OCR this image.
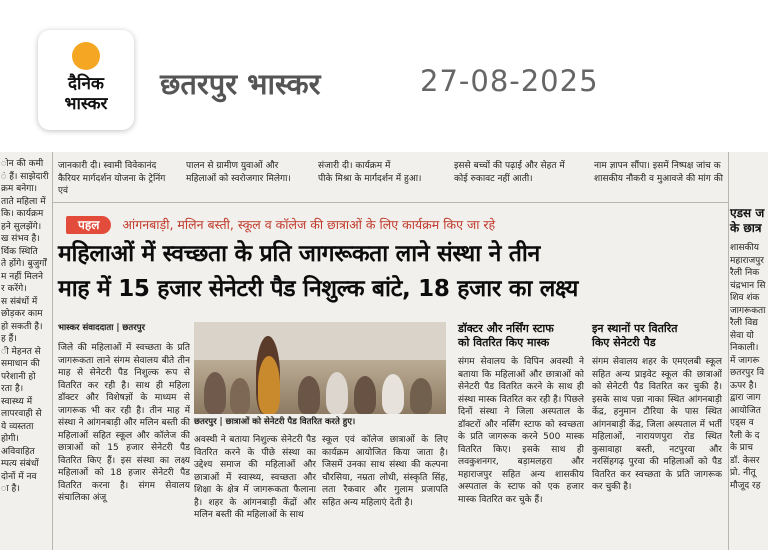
दैनिक
भास्कर
छतरपुर भास्कर	27-08-2025
जानकारी दी। स्वामी विवेकानंद
कैरियर मार्गदर्शन योजना के ट्रेनिंग एवं
पालन से ग्रामीण युवाओं और
महिलाओं को स्वरोजगार मिलेगा।
संजारी दी। कार्यक्रम में
पीके मिश्रा के मार्गदर्शन में हुआ।
इससे बच्चों की पढ़ाई और सेहत में
कोई रुकावट नहीं आती।
नाम ज्ञापन सौंपा। इसमें निष्पक्ष जांच क
शासकीय नौकरी व मुआवजे की मांग की
ोन की कमी
ं हैं। साझेदारी
क्रम बनेगा।
ताते महिला में
कि। कार्यक्रम
हने सुलझेंगे।
ख संभव है।
र्थिक स्थिति
ते होंगे। बुजुर्गों
म नहीं मिलने
र करेंगे।
स संबंधों में
छोड़कर काम
हो सकती है।
ह हैं।
ी मेहनत से
समाधान की
परेशानी हो
रता है।
स्वास्थ्य में
लापरवाही से
ये व्यस्तता
होगी।
अविवाहित
म्पत्य संबंधों
दोनों में नव
ा है।
पहल आंगनबाड़ी, मलिन बस्ती, स्कूल व कॉलेज की छात्राओं के लिए कार्यक्रम किए जा रहे
महिलाओं में स्वच्छता के प्रति जागरूकता लाने संस्था ने तीन
माह में 15 हजार सेनेटरी पैड निशुल्क बांटे, 18 हजार का लक्ष्य
भास्कर संवाददाता | छतरपुर
जिले की महिलाओं में स्वच्छता के प्रति जागरूकता लाने संगम सेवालय बीते तीन माह से सेनेटरी पैड निशुल्क रूप से वितरित कर रही है। साथ ही महिला डॉक्टर और विशेषज्ञों के माध्यम से जागरूक भी कर रही है। तीन माह में संस्था ने आंगनबाड़ी और मलिन बस्ती की महिलाओं सहित स्कूल और कॉलेज की छात्राओं को 15 हजार सेनेटरी पैड वितरित किए हैं। इस संस्था का लक्ष्य महिलाओं को 18 हजार सेनेटरी पैड वितरित करना है। संगम सेवालय संचालिका अंजू
छतरपुर | छात्राओं को सेनेटरी पैड वितरित करते हुए।
अवस्थी ने बताया निशुल्क सेनेटरी पैड वितरित करने के पीछे संस्था का उद्देश्य समाज की महिलाओं और छात्राओं में स्वास्थ्य, स्वच्छता और शिक्षा के क्षेत्र में जागरूकता फैलाना है। शहर के आंगनबाड़ी केंद्रों और मलिन बस्ती की महिलाओं के साथ
स्कूल एवं कॉलेज छात्राओं के लिए कार्यक्रम आयोजित किया जाता है। जिसमें उनका साथ संस्था की कल्पना चौरसिया, नम्रता लोधी, संस्कृति सिंह, लता रैकवार और गुलाम प्रजापति सहित अन्य महिलाएं देती है।
डॉक्टर और नर्सिंग स्टाफ
को वितरित किए मास्क
संगम सेवालय के विपिन अवस्थी ने बताया कि महिलाओं और छात्राओं को सेनेटरी पैड वितरित करने के साथ ही संस्था मास्क वितरित कर रही है। पिछले दिनों संस्था ने जिला अस्पताल के डॉक्टरों और नर्सिंग स्टाफ को स्वच्छता के प्रति जागरूक करने 500 मास्क वितरित किए। इसके साथ ही लवकुशनगर, बड़ामलहरा और महाराजपुर सहित अन्य शासकीय अस्पताल के स्टाफ को एक हजार मास्क वितरित कर चुके हैं।
इन स्थानों पर वितरित
किए सेनेटरी पैड
संगम सेवालय शहर के एमएलबी स्कूल सहित अन्य प्राइवेट स्कूल की छात्राओं को सेनेटरी पैड वितरित कर चुकी है। इसके साथ पन्ना नाका स्थित आंगनबाड़ी केंद्र, हनुमान टौरिया के पास स्थित आंगनबाड़ी केंद्र, जिला अस्पताल में भर्ती महिलाओं, नारायणपुरा रोड स्थित कुसावाहा बस्ती, नटपुरवा और नरसिंहगढ़ पुरवा की महिलाओं को पैड वितरित कर स्वच्छता के प्रति जागरूक कर चुकी है।
एडस ज
के छात्र
शासकीय
महाराजपुर
रैली निक
चंद्रभान सि
शिव शंक
जागरूकता
रैली विद्य
सेवा यो
निकाली।
में जागरू
छतरपुर वि
ऊपर है।
द्वारा जाग
आयोजित
एड्स व
रैली के द
के प्राच
डॉ. केसर
प्रो. नीतू
मौजूद रह
